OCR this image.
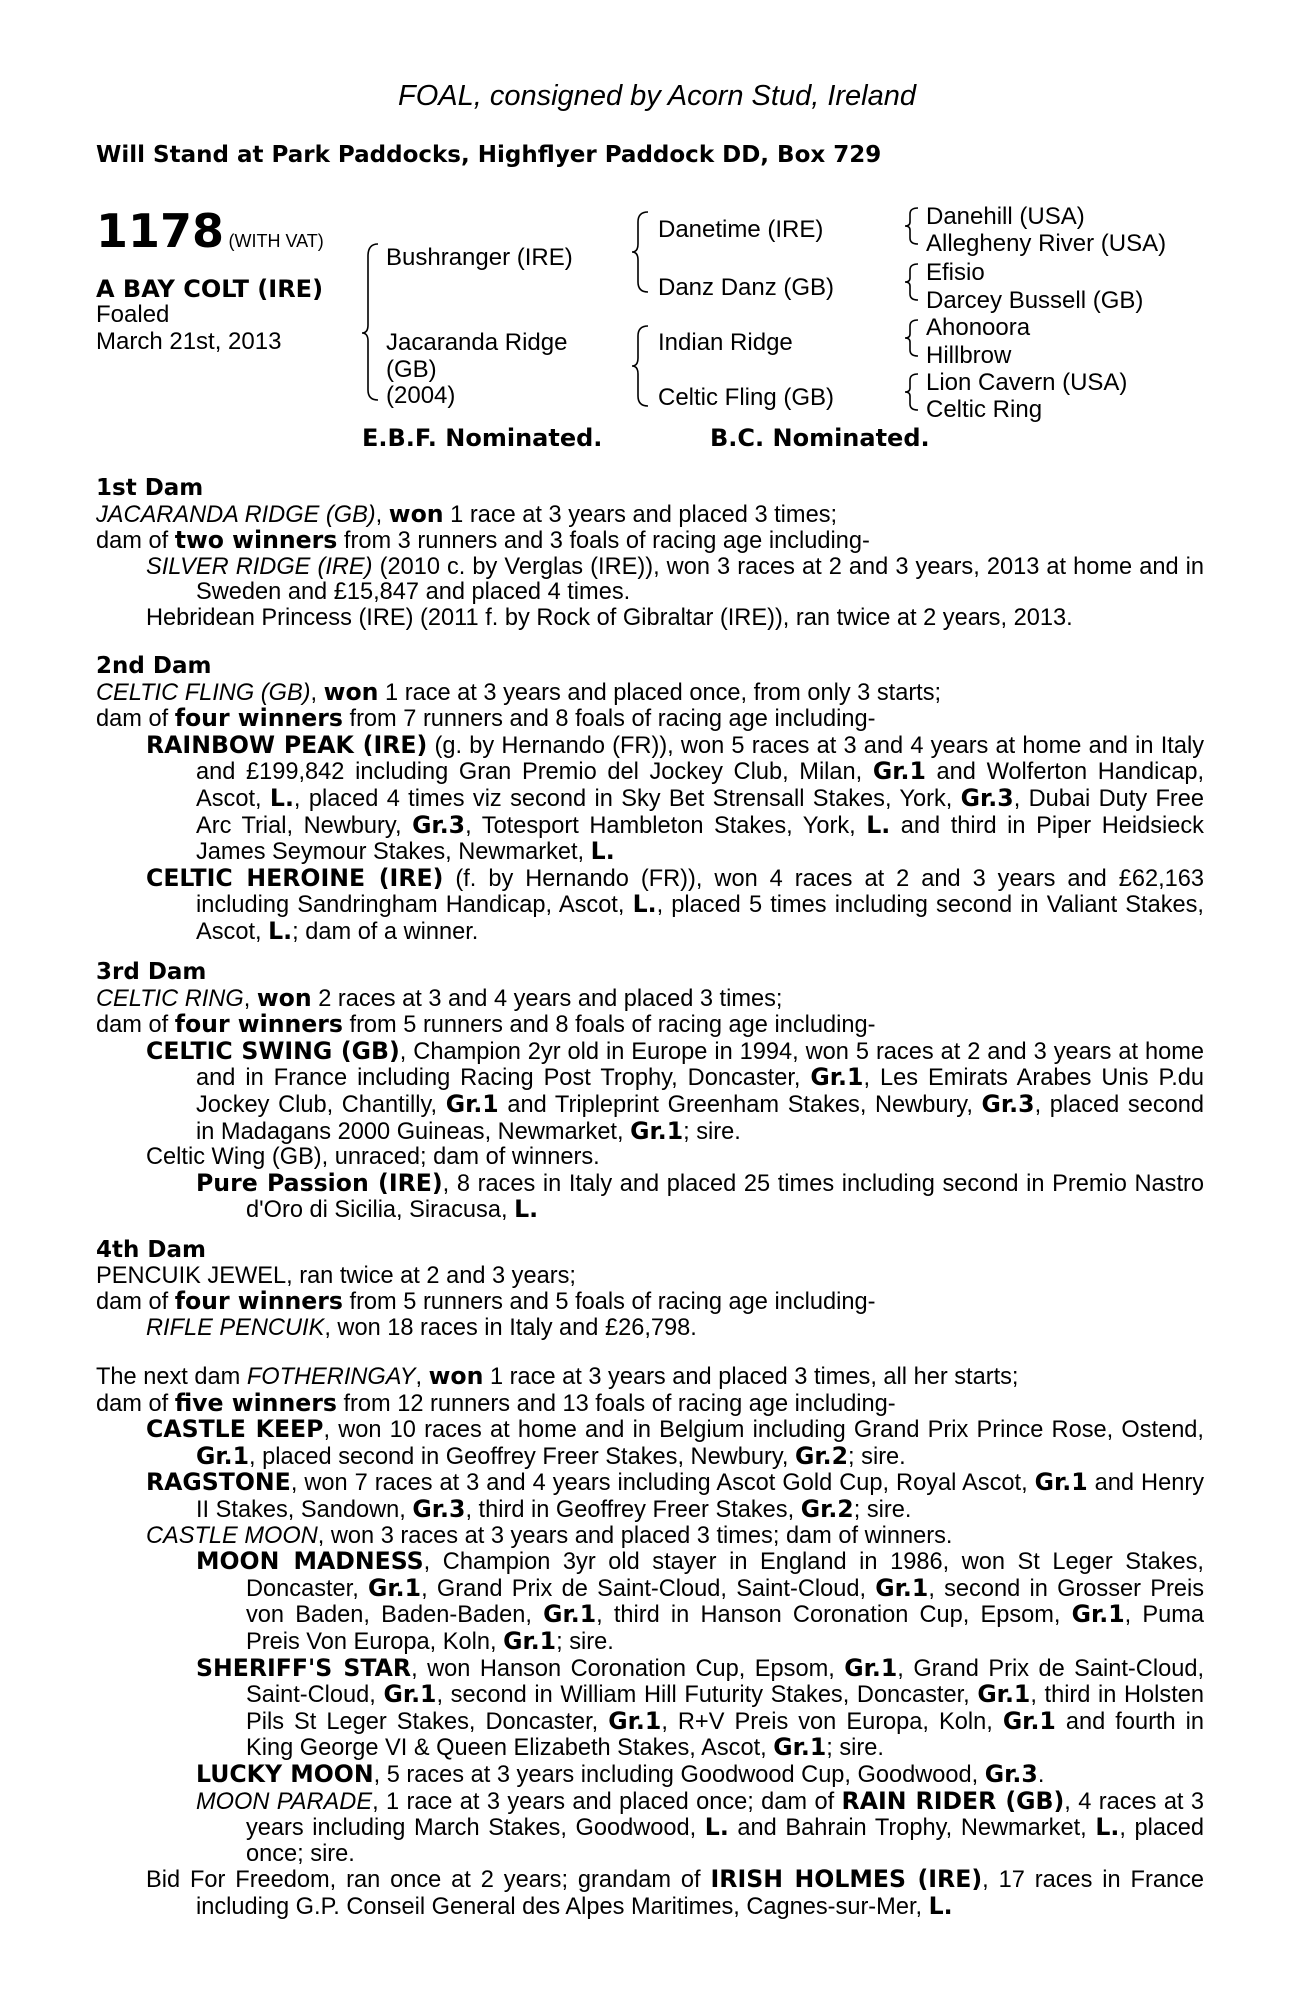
FOAL, consigned by Acorn Stud, Ireland
Will Stand at Park Paddocks, Highflyer Paddock DD, Box 729
1178 (WITH VAT)
A BAY COLT (IRE)
Foaled
March 21st, 2013
Bushranger (IRE)
Jacaranda Ridge
(GB)
(2004)
Danetime (IRE)
Danz Danz (GB)
Indian Ridge
Celtic Fling (GB)
Danehill (USA)
Allegheny River (USA)
Efisio
Darcey Bussell (GB)
Ahonoora
Hillbrow
Lion Cavern (USA)
Celtic Ring
E.B.F. Nominated.	B.C. Nominated.

1st Dam

JACARANDA RIDGE (GB), won 1 race at 3 years and placed 3 times;

dam of two winners from 3 runners and 3 foals of racing age including-

SILVER RIDGE (IRE) (2010 c. by Verglas (IRE)), won 3 races at 2 and 3 years, 2013 at home and in Sweden and £15,847 and placed 4 times.

Hebridean Princess (IRE) (2011 f. by Rock of Gibraltar (IRE)), ran twice at 2 years, 2013.

2nd Dam

CELTIC FLING (GB), won 1 race at 3 years and placed once, from only 3 starts;

dam of four winners from 7 runners and 8 foals of racing age including-

RAINBOW PEAK (IRE) (g. by Hernando (FR)), won 5 races at 3 and 4 years at home and in Italy and £199,842 including Gran Premio del Jockey Club, Milan, Gr.1 and Wolferton Handicap, Ascot, L., placed 4 times viz second in Sky Bet Strensall Stakes, York, Gr.3, Dubai Duty Free Arc Trial, Newbury, Gr.3, Totesport Hambleton Stakes, York, L. and third in Piper Heidsieck James Seymour Stakes, Newmarket, L.

CELTIC HEROINE (IRE) (f. by Hernando (FR)), won 4 races at 2 and 3 years and £62,163 including Sandringham Handicap, Ascot, L., placed 5 times including second in Valiant Stakes, Ascot, L.; dam of a winner.

3rd Dam

CELTIC RING, won 2 races at 3 and 4 years and placed 3 times;

dam of four winners from 5 runners and 8 foals of racing age including-

CELTIC SWING (GB), Champion 2yr old in Europe in 1994, won 5 races at 2 and 3 years at home and in France including Racing Post Trophy, Doncaster, Gr.1, Les Emirats Arabes Unis P.du Jockey Club, Chantilly, Gr.1 and Tripleprint Greenham Stakes, Newbury, Gr.3, placed second in Madagans 2000 Guineas, Newmarket, Gr.1; sire.

Celtic Wing (GB), unraced; dam of winners.

Pure Passion (IRE), 8 races in Italy and placed 25 times including second in Premio Nastro d'Oro di Sicilia, Siracusa, L.

4th Dam

PENCUIK JEWEL, ran twice at 2 and 3 years;

dam of four winners from 5 runners and 5 foals of racing age including-

RIFLE PENCUIK, won 18 races in Italy and £26,798.

The next dam FOTHERINGAY, won 1 race at 3 years and placed 3 times, all her starts;

dam of five winners from 12 runners and 13 foals of racing age including-

CASTLE KEEP, won 10 races at home and in Belgium including Grand Prix Prince Rose, Ostend, Gr.1, placed second in Geoffrey Freer Stakes, Newbury, Gr.2; sire.

RAGSTONE, won 7 races at 3 and 4 years including Ascot Gold Cup, Royal Ascot, Gr.1 and Henry II Stakes, Sandown, Gr.3, third in Geoffrey Freer Stakes, Gr.2; sire.

CASTLE MOON, won 3 races at 3 years and placed 3 times; dam of winners.

MOON MADNESS, Champion 3yr old stayer in England in 1986, won St Leger Stakes, Doncaster, Gr.1, Grand Prix de Saint-Cloud, Saint-Cloud, Gr.1, second in Grosser Preis von Baden, Baden-Baden, Gr.1, third in Hanson Coronation Cup, Epsom, Gr.1, Puma Preis Von Europa, Koln, Gr.1; sire.

SHERIFF'S STAR, won Hanson Coronation Cup, Epsom, Gr.1, Grand Prix de Saint-Cloud, Saint-Cloud, Gr.1, second in William Hill Futurity Stakes, Doncaster, Gr.1, third in Holsten Pils St Leger Stakes, Doncaster, Gr.1, R+V Preis von Europa, Koln, Gr.1 and fourth in King George VI & Queen Elizabeth Stakes, Ascot, Gr.1; sire.

LUCKY MOON, 5 races at 3 years including Goodwood Cup, Goodwood, Gr.3.

MOON PARADE, 1 race at 3 years and placed once; dam of RAIN RIDER (GB), 4 races at 3 years including March Stakes, Goodwood, L. and Bahrain Trophy, Newmarket, L., placed once; sire.

Bid For Freedom, ran once at 2 years; grandam of IRISH HOLMES (IRE), 17 races in France including G.P. Conseil General des Alpes Maritimes, Cagnes-sur-Mer, L.
